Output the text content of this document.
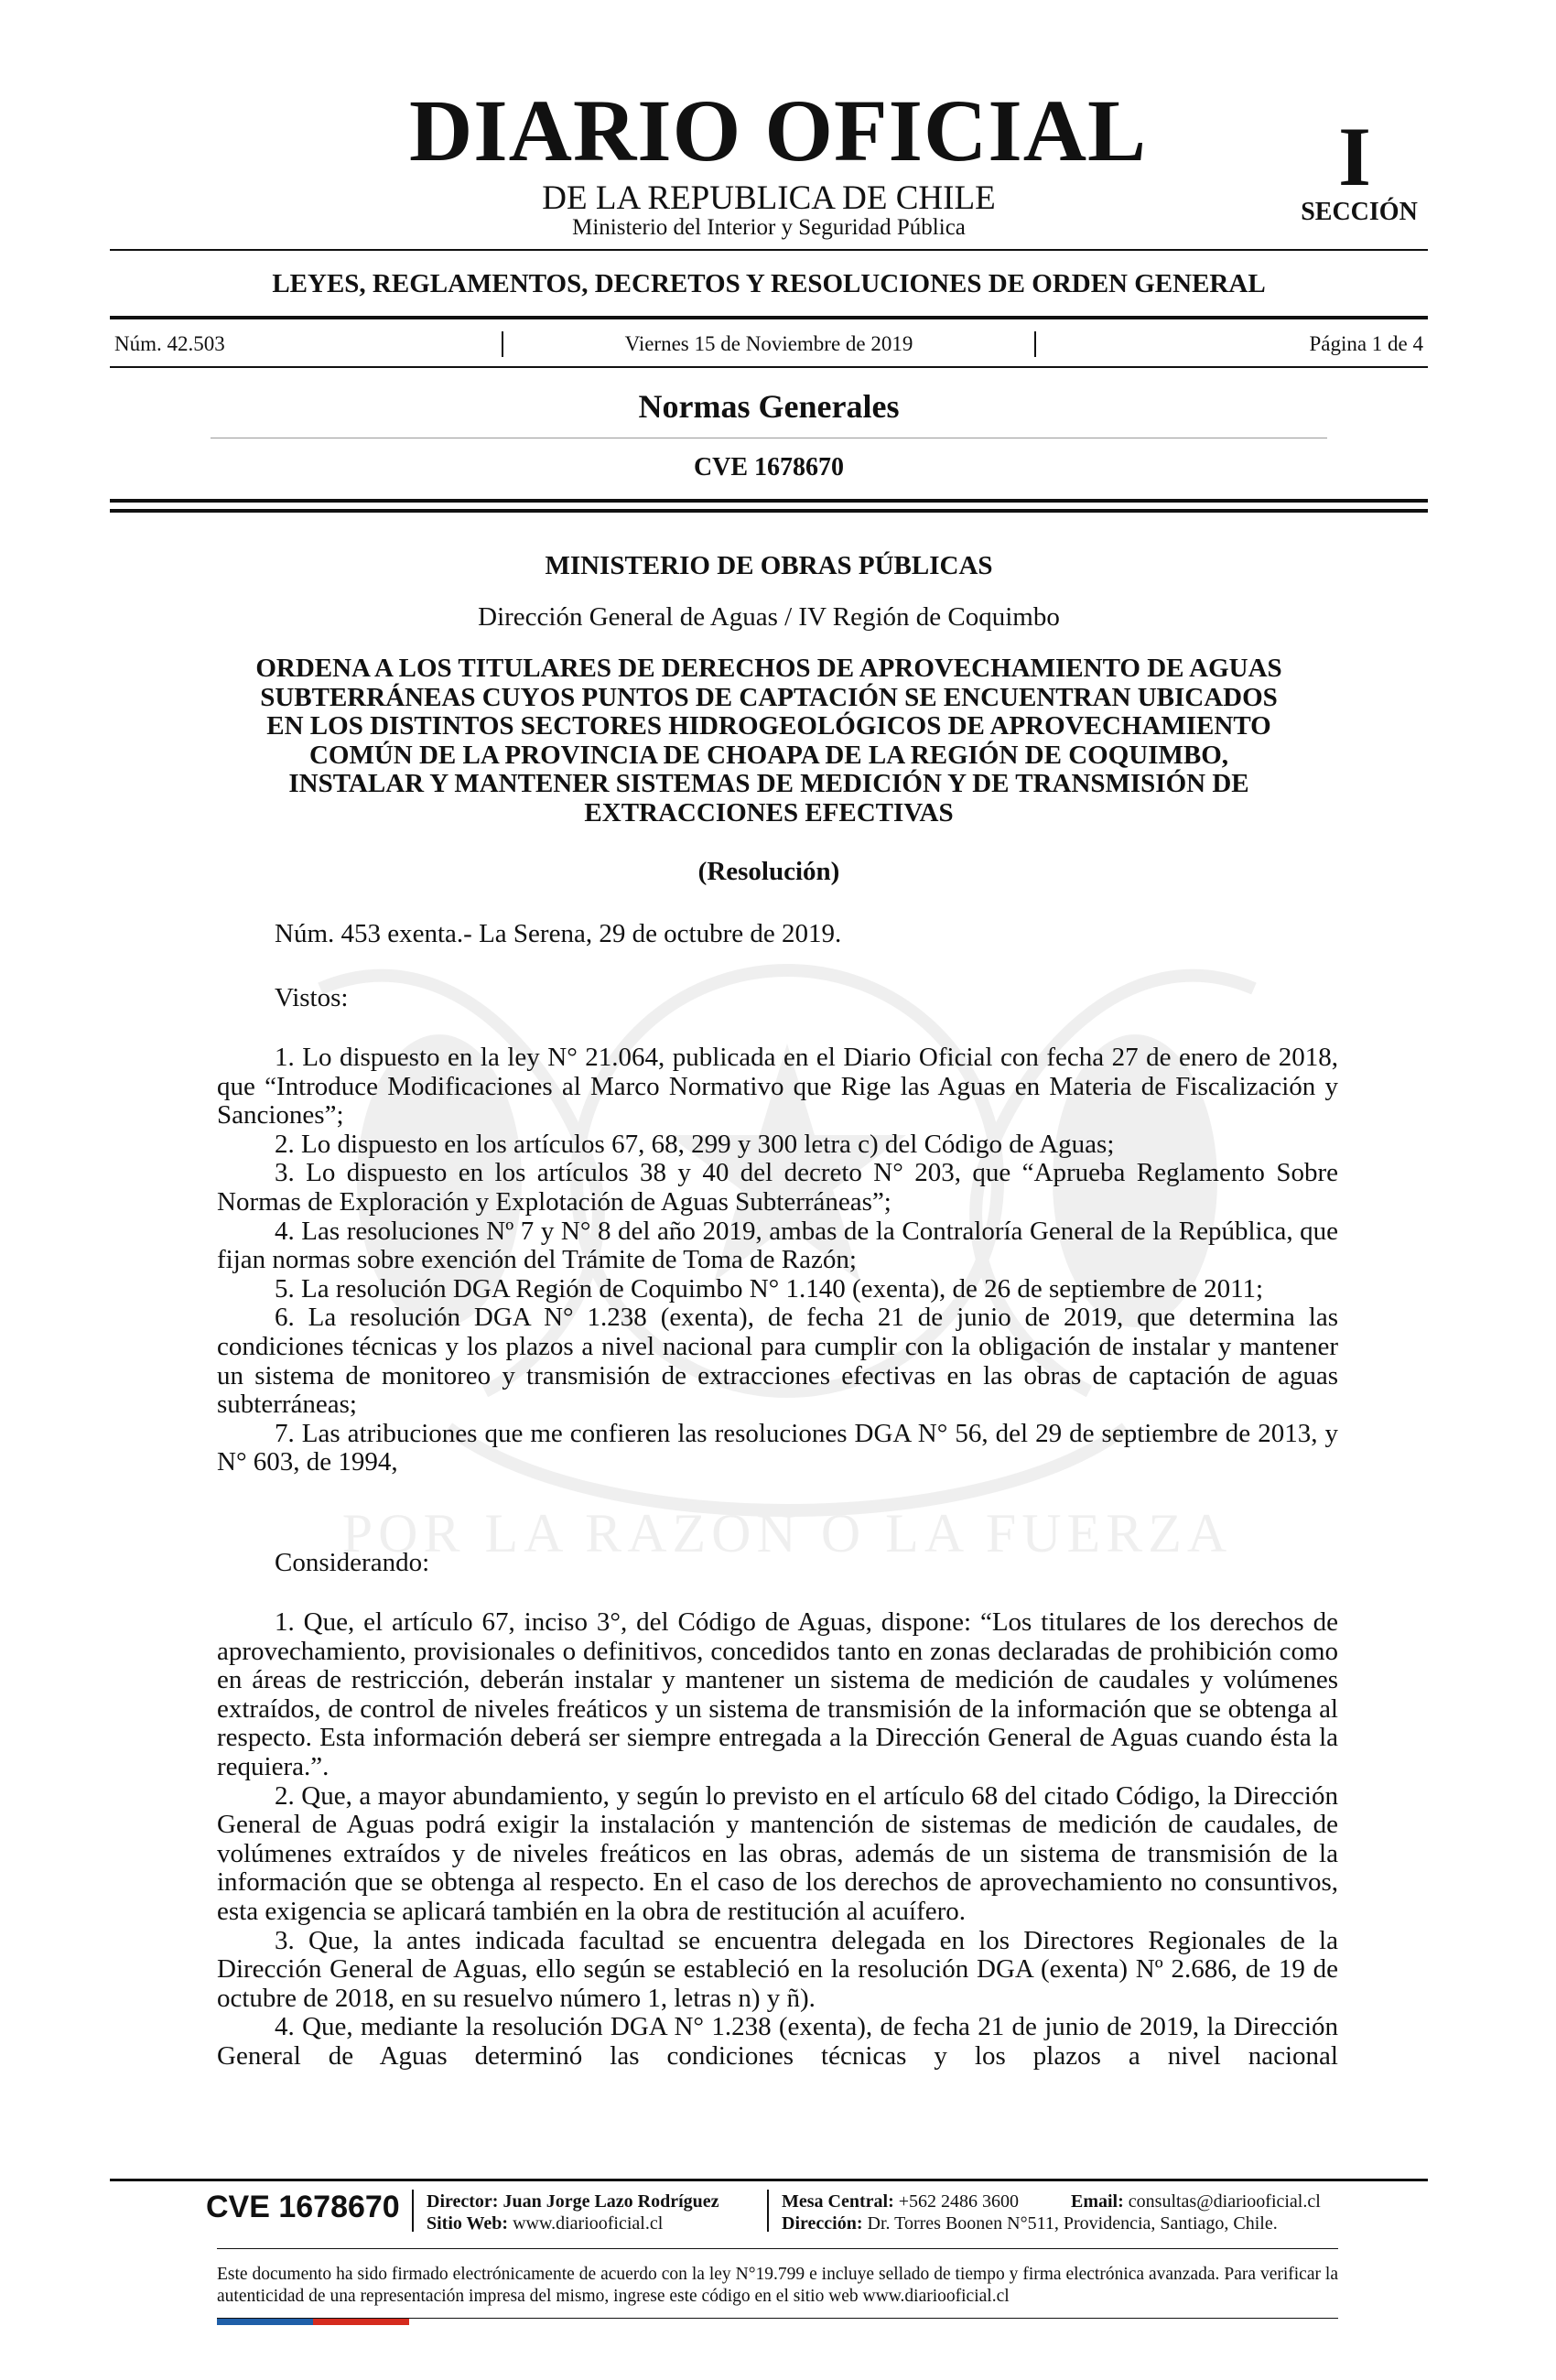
POR LA RAZON O LA FUERZA
DIARIO OFICIAL
DE LA REPUBLICA DE CHILE
Ministerio del Interior y Seguridad Pública
I
SECCIÓN
LEYES, REGLAMENTOS, DECRETOS Y RESOLUCIONES DE ORDEN GENERAL
Núm. 42.503	Viernes 15 de Noviembre de 2019	Página 1 de 4
Normas Generales
CVE 1678670
MINISTERIO DE OBRAS PÚBLICAS
Dirección General de Aguas / IV Región de Coquimbo
ORDENA A LOS TITULARES DE DERECHOS DE APROVECHAMIENTO DE AGUAS
SUBTERRÁNEAS CUYOS PUNTOS DE CAPTACIÓN SE ENCUENTRAN UBICADOS
EN LOS DISTINTOS SECTORES HIDROGEOLÓGICOS DE APROVECHAMIENTO
COMÚN DE LA PROVINCIA DE CHOAPA DE LA REGIÓN DE COQUIMBO,
INSTALAR Y MANTENER SISTEMAS DE MEDICIÓN Y DE TRANSMISIÓN DE
EXTRACCIONES EFECTIVAS
(Resolución)
Núm. 453 exenta.- La Serena, 29 de octubre de 2019.
Vistos:

1. Lo dispuesto en la ley N° 21.064, publicada en el Diario Oficial con fecha 27 de enero de 2018, que “Introduce Modificaciones al Marco Normativo que Rige las Aguas en Materia de Fiscalización y Sanciones”;

2. Lo dispuesto en los artículos 67, 68, 299 y 300 letra c) del Código de Aguas;

3. Lo dispuesto en los artículos 38 y 40 del decreto N° 203, que “Aprueba Reglamento Sobre Normas de Exploración y Explotación de Aguas Subterráneas”;

4. Las resoluciones Nº 7 y N° 8 del año 2019, ambas de la Contraloría General de la República, que fijan normas sobre exención del Trámite de Toma de Razón;

5. La resolución DGA Región de Coquimbo N° 1.140 (exenta), de 26 de septiembre de 2011;

6. La resolución DGA N° 1.238 (exenta), de fecha 21 de junio de 2019, que determina las condiciones técnicas y los plazos a nivel nacional para cumplir con la obligación de instalar y mantener un sistema de monitoreo y transmisión de extracciones efectivas en las obras de captación de aguas subterráneas;

7. Las atribuciones que me confieren las resoluciones DGA N° 56, del 29 de septiembre de 2013, y N° 603, de 1994,

Considerando:

1. Que, el artículo 67, inciso 3°, del Código de Aguas, dispone: “Los titulares de los derechos de aprovechamiento, provisionales o definitivos, concedidos tanto en zonas declaradas de prohibición como en áreas de restricción, deberán instalar y mantener un sistema de medición de caudales y volúmenes extraídos, de control de niveles freáticos y un sistema de transmisión de la información que se obtenga al respecto. Esta información deberá ser siempre entregada a la Dirección General de Aguas cuando ésta la requiera.”.

2. Que, a mayor abundamiento, y según lo previsto en el artículo 68 del citado Código, la Dirección General de Aguas podrá exigir la instalación y mantención de sistemas de medición de caudales, de volúmenes extraídos y de niveles freáticos en las obras, además de un sistema de transmisión de la información que se obtenga al respecto. En el caso de los derechos de aprovechamiento no consuntivos, esta exigencia se aplicará también en la obra de restitución al acuífero.

3. Que, la antes indicada facultad se encuentra delegada en los Directores Regionales de la Dirección General de Aguas, ello según se estableció en la resolución DGA (exenta) Nº 2.686, de 19 de octubre de 2018, en su resuelvo número 1, letras n) y ñ).

4. Que, mediante la resolución DGA N° 1.238 (exenta), de fecha 21 de junio de 2019, la Dirección General de Aguas determinó las condiciones técnicas y los plazos a nivel nacional

CVE 1678670 Director: Juan Jorge Lazo Rodríguez
Sitio Web: www.diariooficial.cl
Mesa Central: +562 2486 3600	Email: consultas@diariooficial.cl
Dirección: Dr. Torres Boonen N°511, Providencia, Santiago, Chile.
Este documento ha sido firmado electrónicamente de acuerdo con la ley N°19.799 e incluye sellado de tiempo y firma electrónica avanzada. Para verificar la autenticidad de una representación impresa del mismo, ingrese este código en el sitio web www.diariooficial.cl
